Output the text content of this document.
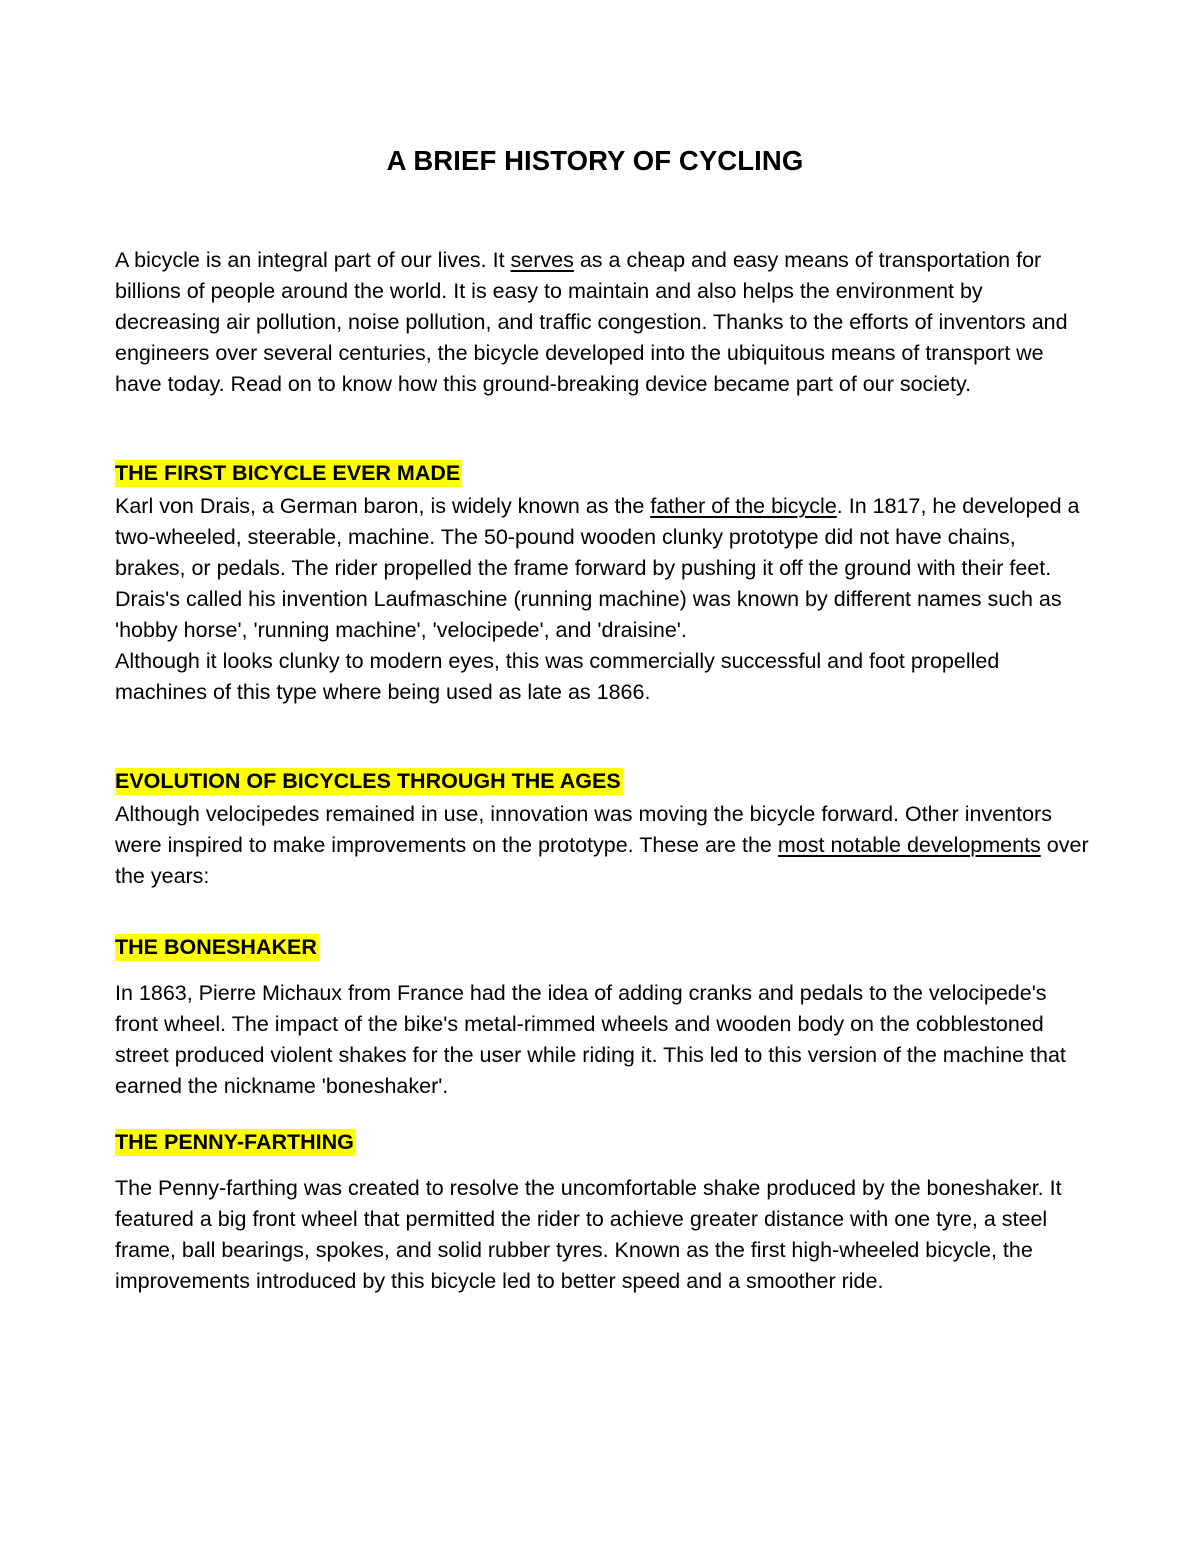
A BRIEF HISTORY OF CYCLING

A bicycle is an integral part of our lives. It serves as a cheap and easy means of transportation for billions of people around the world. It is easy to maintain and also helps the environment by decreasing air pollution, noise pollution, and traffic congestion. Thanks to the efforts of inventors and engineers over several centuries, the bicycle developed into the ubiquitous means of transport we have today. Read on to know how this ground-breaking device became part of our society.

THE FIRST BICYCLE EVER MADE

Karl von Drais, a German baron, is widely known as the father of the bicycle. In 1817, he developed a two-wheeled, steerable, machine. The 50-pound wooden clunky prototype did not have chains, brakes, or pedals. The rider propelled the frame forward by pushing it off the ground with their feet. Drais's called his invention Laufmaschine (running machine) was known by different names such as 'hobby horse', 'running machine', 'velocipede', and 'draisine'.

Although it looks clunky to modern eyes, this was commercially successful and foot propelled machines of this type where being used as late as 1866.

EVOLUTION OF BICYCLES THROUGH THE AGES

Although velocipedes remained in use, innovation was moving the bicycle forward. Other inventors were inspired to make improvements on the prototype. These are the most notable developments over the years:

THE BONESHAKER

In 1863, Pierre Michaux from France had the idea of adding cranks and pedals to the velocipede's front wheel. The impact of the bike's metal-rimmed wheels and wooden body on the cobblestoned street produced violent shakes for the user while riding it. This led to this version of the machine that earned the nickname 'boneshaker'.

THE PENNY-FARTHING

The Penny-farthing was created to resolve the uncomfortable shake produced by the boneshaker. It featured a big front wheel that permitted the rider to achieve greater distance with one tyre, a steel frame, ball bearings, spokes, and solid rubber tyres. Known as the first high-wheeled bicycle, the improvements introduced by this bicycle led to better speed and a smoother ride.
